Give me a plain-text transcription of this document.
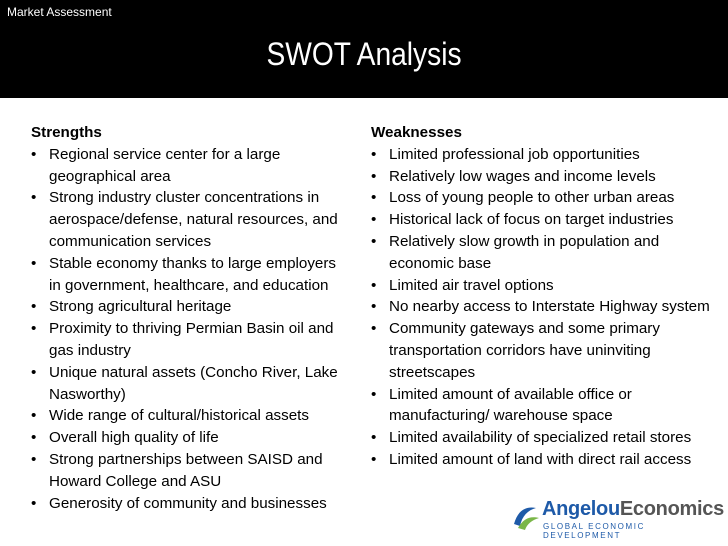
Market Assessment
SWOT Analysis
Strengths
• Regional service center for a large geographical area
• Strong industry cluster concentrations in aerospace/defense, natural resources, and communication services
• Stable economy thanks to large employers in government, healthcare, and education
• Strong agricultural heritage
• Proximity to thriving Permian Basin oil and gas industry
• Unique natural assets (Concho River, Lake Nasworthy)
• Wide range of cultural/historical assets
• Overall high quality of life
• Strong partnerships between SAISD and Howard College and ASU
• Generosity of community and businesses
Weaknesses
• Limited professional job opportunities
• Relatively low wages and income levels
• Loss of young people to other urban areas
• Historical lack of focus on target industries
• Relatively slow growth in population and economic base
• Limited air travel options
• No nearby access to Interstate Highway system
• Community gateways and some primary transportation corridors have uninviting streetscapes
• Limited amount of available office or manufacturing/ warehouse space
• Limited availability of specialized retail stores
• Limited amount of land with direct rail access
AngelouEconomics
GLOBAL ECONOMIC DEVELOPMENT
